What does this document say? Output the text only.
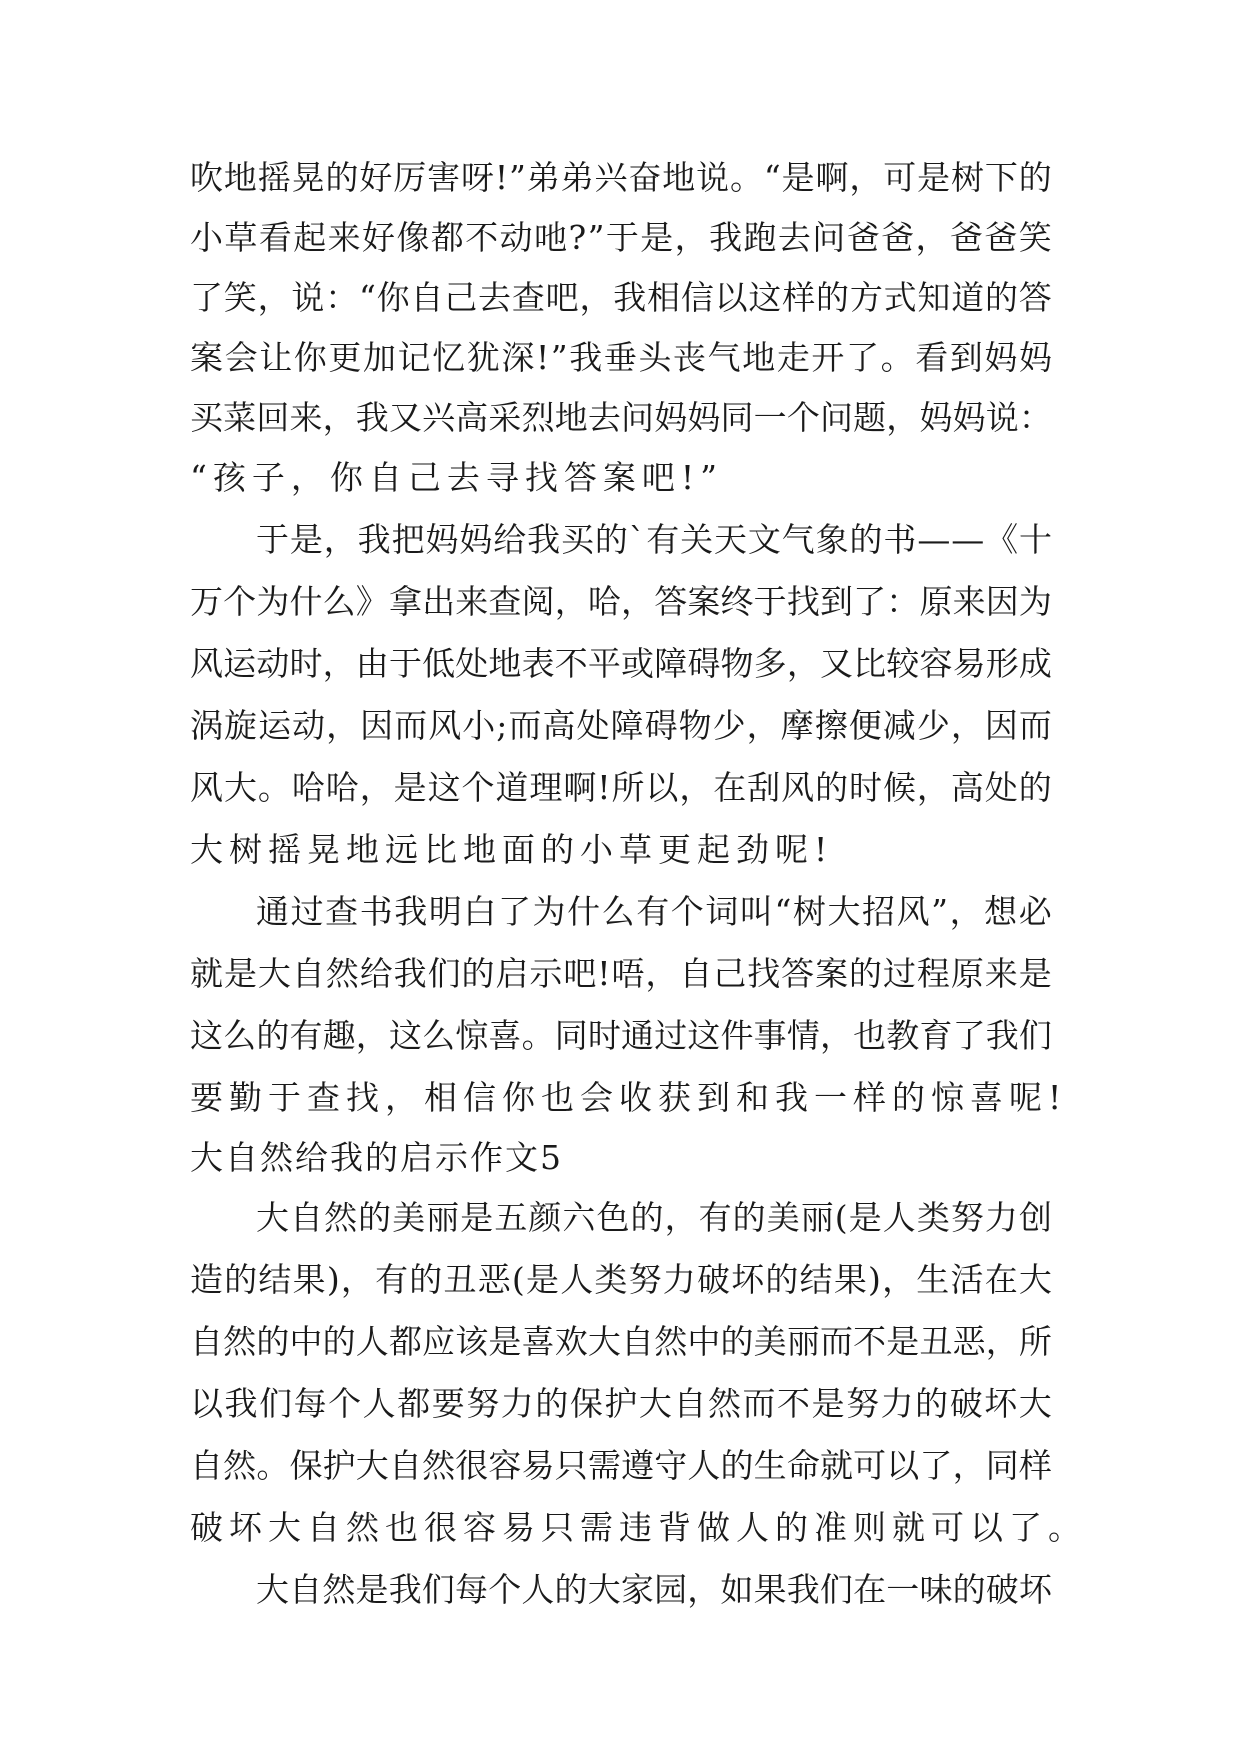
吹 地 摇 晃 的 好 厉 害 呀 ! ” 弟 弟 兴 奋 地 说 。 “ 是 啊 ， 可 是 树 下 的
小 草 看 起 来 好 像 都 不 动 吔 ? ” 于 是 ， 我 跑 去 问 爸 爸 ， 爸 爸 笑
了 笑 ， 说 ： “ 你 自 己 去 查 吧 ， 我 相 信 以 这 样 的 方 式 知 道 的 答
案 会 让 你 更 加 记 忆 犹 深 ! ” 我 垂 头 丧 气 地 走 开 了 。 看 到 妈 妈
买 菜 回 来 ， 我 又 兴 高 采 烈 地 去 问 妈 妈 同 一 个 问 题 ， 妈 妈 说 ：
“孩子，你自己去寻找答案吧!”
于 是 ， 我 把 妈 妈 给 我 买 的 ` 有 关 天 文 气 象 的 书 — — 《 十
万 个 为 什 么 》 拿 出 来 查 阅 ， 哈 ， 答 案 终 于 找 到 了 ： 原 来 因 为
风 运 动 时 ， 由 于 低 处 地 表 不 平 或 障 碍 物 多 ， 又 比 较 容 易 形 成
涡 旋 运 动 ， 因 而 风 小 ; 而 高 处 障 碍 物 少 ， 摩 擦 便 减 少 ， 因 而
风 大 。 哈 哈 ， 是 这 个 道 理 啊 ! 所 以 ， 在 刮 风 的 时 候 ， 高 处 的
大树摇晃地远比地面的小草更起劲呢!
通 过 查 书 我 明 白 了 为 什 么 有 个 词 叫 “ 树 大 招 风 ” ， 想 必
就 是 大 自 然 给 我 们 的 启 示 吧 ! 唔 ， 自 己 找 答 案 的 过 程 原 来 是
这 么 的 有 趣 ， 这 么 惊 喜 。 同 时 通 过 这 件 事 情 ， 也 教 育 了 我 们
要勤于查找，相信你也会收获到和我一样的惊喜呢!
大自然给我的启示作文5
大 自 然 的 美 丽 是 五 颜 六 色 的 ， 有 的 美 丽 ( 是 人 类 努 力 创
造 的 结 果 ) ， 有 的 丑 恶 ( 是 人 类 努 力 破 坏 的 结 果 ) ， 生 活 在 大
自 然 的 中 的 人 都 应 该 是 喜 欢 大 自 然 中 的 美 丽 而 不 是 丑 恶 ， 所
以 我 们 每 个 人 都 要 努 力 的 保 护 大 自 然 而 不 是 努 力 的 破 坏 大
自 然 。 保 护 大 自 然 很 容 易 只 需 遵 守 人 的 生 命 就 可 以 了 ， 同 样
破坏大自然也很容易只需违背做人的准则就可以了。
大 自 然 是 我 们 每 个 人 的 大 家 园 ， 如 果 我 们 在 一 味 的 破 坏
